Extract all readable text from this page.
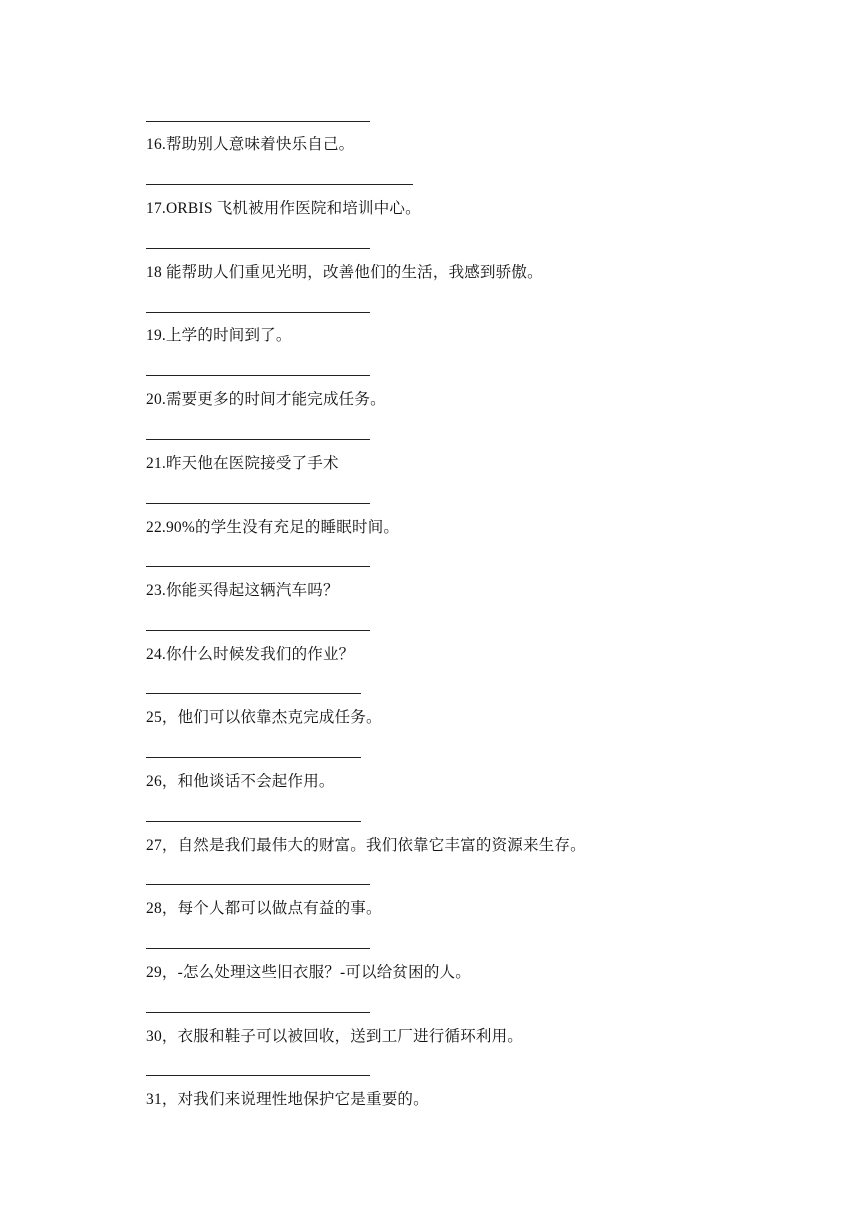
16.帮助别人意味着快乐自己。
17.ORBIS 飞机被用作医院和培训中心。
18 能帮助人们重见光明，改善他们的生活，我感到骄傲。
19.上学的时间到了。
20.需要更多的时间才能完成任务。
21.昨天他在医院接受了手术
22.90%的学生没有充足的睡眠时间。
23.你能买得起这辆汽车吗？
24.你什么时候发我们的作业？
25，他们可以依靠杰克完成任务。
26，和他谈话不会起作用。
27，自然是我们最伟大的财富。我们依靠它丰富的资源来生存。
28，每个人都可以做点有益的事。
29，-怎么处理这些旧衣服？-可以给贫困的人。
30，衣服和鞋子可以被回收，送到工厂进行循环利用。
31，对我们来说理性地保护它是重要的。
